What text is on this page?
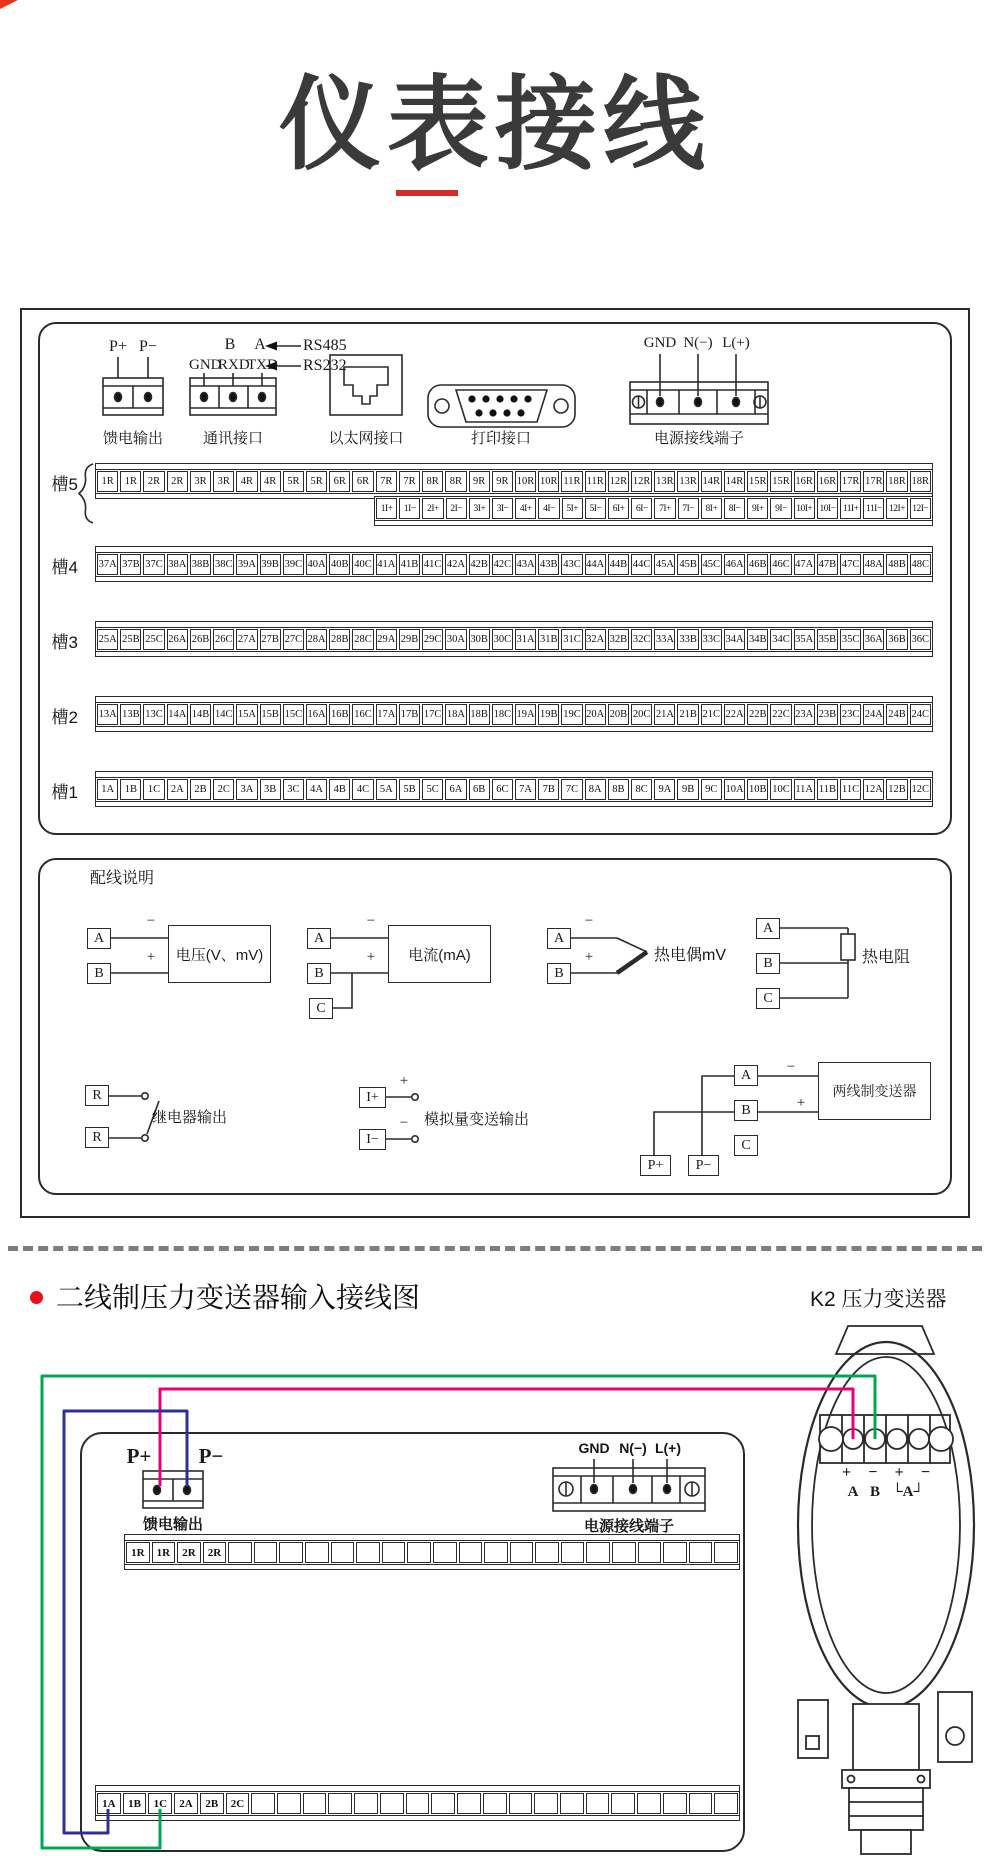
1R	1R	2R	2R	3R	3R	4R	4R	5R	5R	6R	6R	7R	7R	8R	8R	9R	9R 10R 10R 11R 11R 12R 12R 13R 13R 14R 14R 15R 15R 16R 16R 17R 17R 18R 18R
1I+	1I−	2I+	2I−	3I+	3I−	4I+	4I−	5I+	5I−	6I+	6I−	7I+	7I−	8I+	8I−	9I+	9I− 10I+ 10I− 11I+ 11I− 12I+ 12I−
37A 37B 37C 38A 38B 38C 39A 39B 39C 40A 40B 40C 41A 41B 41C 42A 42B 42C 43A 43B 43C 44A 44B 44C 45A 45B 45C 46A 46B 46C 47A 47B 47C 48A 48B 48C
25A 25B 25C 26A 26B 26C 27A 27B 27C 28A 28B 28C 29A 29B 29C 30A 30B 30C 31A 31B 31C 32A 32B 32C 33A 33B 33C 34A 34B 34C 35A 35B 35C 36A 36B 36C
13A 13B 13C 14A 14B 14C 15A 15B 15C 16A 16B 16C 17A 17B 17C 18A 18B 18C 19A 19B 19C 20A 20B 20C 21A 21B 21C 22A 22B 22C 23A 23B 23C 24A 24B 24C
1A	1B	1C	2A	2B	2C	3A	3B	3C	4A	4B	4C	5A	5B	5C	6A	6B	6C	7A	7B	7C	8A	8B	8C	9A	9B	9C 10A 10B 10C 11A 11B 11C 12A 12B 12C
1R	1R	2R	2R
1A	1B	1C	2A	2B	2C
仪表接线
P+ P−	B A RS485
GND
RXD
TXD RS232
GND N(−) L(+)
馈电输出	通讯接口	以太网接口	打印接口	电源接线端子
槽5
槽4
槽3
槽2
槽1
配线说明
A
B
电压(V、mV)
−
+
A
B
C
电流(mA)
−
+
A
B
热电偶mV
−
+
A
B
C
热电阻
R
R
继电器输出
I+
I−
+
− 模拟量变送输出
P+	P−
A
B
C
两线制变送器
−
+
二线制压力变送器输入接线图	K2 压力变送器
P+ P−
馈电输出
GND N(−) L(+)
电源接线端子
+ − + −
A B └A┘
